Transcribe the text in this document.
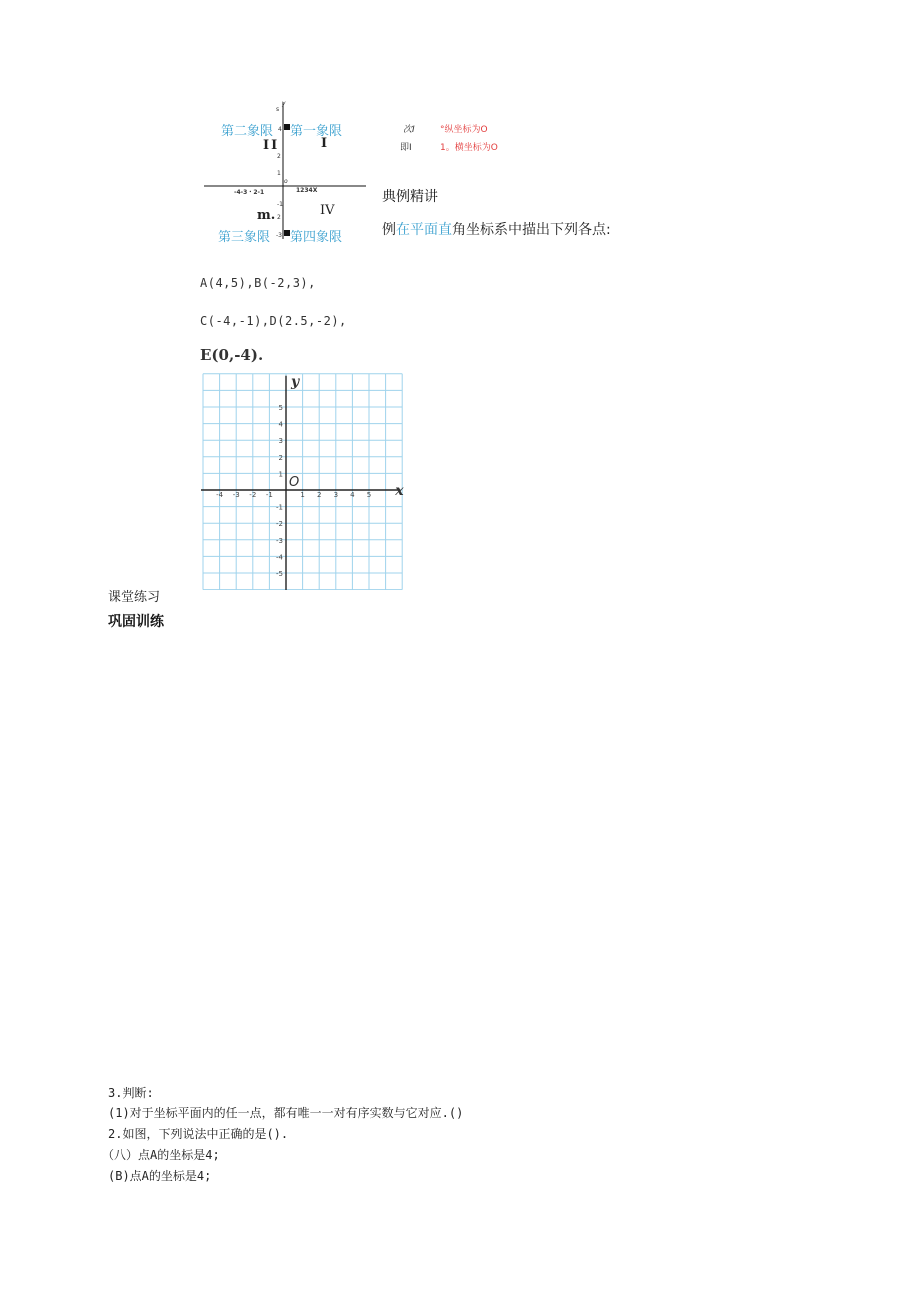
第二象限 4 第一象限
y
s
II	I
2
1
o
-4-3・2-1	1234X
-1
m. 2	IV
第三象限 -3 第四象限
次I	°纵坐标为O
即I	1。横坐标为O
典例精讲
例在平面直角坐标系中描出下列各点:
A(4,5),B(-2,3),
C(-4,-1),D(2.5,-2),
E(0,-4).
x
y
O
-4 -3 -2 -1	1 2 3 4 5
5
4
3
2
1
-1
-2
-3
-4
-5
课堂练习
巩固训练
3.判断:
(1)对于坐标平面内的任一点，都有唯一一对有序实数与它对应.()
2.如图，下列说法中正确的是().
（八）点A的坐标是4;
(B)点A的坐标是4;
